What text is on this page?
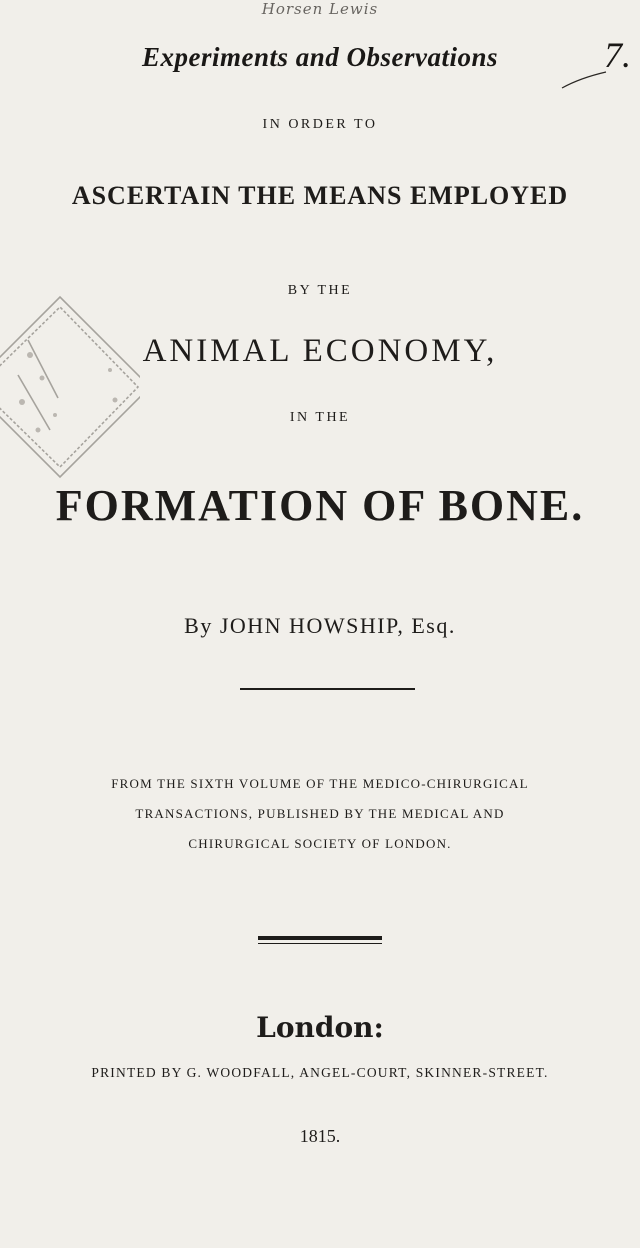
Horsen Lewis
Experiments and Observations	7.
IN ORDER TO
ASCERTAIN THE MEANS EMPLOYED
BY THE
ANIMAL ECONOMY,
IN THE
FORMATION OF BONE.
By JOHN HOWSHIP, Esq.
FROM THE SIXTH VOLUME OF THE MEDICO-CHIRURGICAL
TRANSACTIONS, PUBLISHED BY THE MEDICAL AND
CHIRURGICAL SOCIETY OF LONDON.
London:
PRINTED BY G. WOODFALL, ANGEL-COURT, SKINNER-STREET.
1815.
